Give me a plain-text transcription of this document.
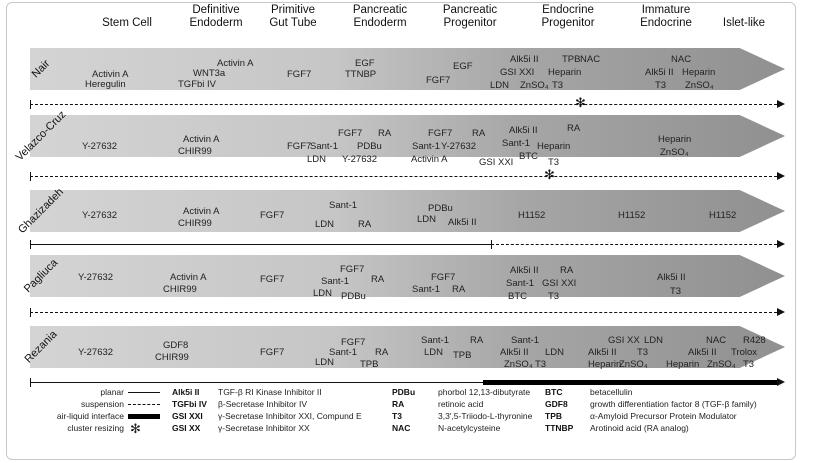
Stem Cell
Definitive
Endoderm
Primitive
Gut Tube
Pancreatic
Endoderm
Pancreatic
Progenitor
Endocrine
Progenitor
Immature
Endocrine	Islet-like
Activin A
Heregulin
Activin A
WNT3a
TGFbi IV
FGF7
EGF
TTNBP
EGF
FGF7
Alk5i II TPB NAC
GSI XXI Heparin
LDN ZnSO₄ T3
NAC
Alk5i II Heparin
T3 ZnSO₄
Nair
Y-27632
Activin A
CHIR99	FGF7
FGF7 RA
Sant-1 PDBu
LDN Y-27632
FGF7 RA
Sant-1 Y-27632
Activin A
Alk5i II	RA
Sant-1 Heparin
BTC
GSI XXI	T3
Heparin
ZnSO₄
Velazco-Cruz
Y-27632	Activin A
CHIR99
FGF7
Sant-1
LDN	RA
PDBu
LDN Alk5i II
H1152	H1152	H1152
Ghazizadeh
Y-27632	Activin A
CHIR99
FGF7
FGF7
Sant-1 RA
LDN PDBu
FGF7
Sant-1 RA
Alk5i II RA
Sant-1 GSI XXI
BTC T3
Alk5i II
T3
Pagliuca
Y-27632
GDF8
CHIR99	FGF7
FGF7
Sant-1 RA
LDN	TPB
Sant-1 RA
LDN TPB
Sant-1
Alk5i II LDN
ZnSO₄ T3
GSI XX LDN
Alk5i II T3
Heparin
ZnSO₄
NAC R428
Alk5i II Trolox
Heparin ZnSO₄ T3
Rezania
✻
✻
planar
suspension
air-liquid interface
cluster resizing ✻
Alk5i II TGF-β RI Kinase Inhibitor II
TGFbi IV β-Secretase Inhibitor IV
GSI XXI γ-Secretase Inhibitor XXI, Compund E
GSI XX γ-Secretase Inhibitor XX
PDBu	phorbol 12,13-dibutyrate
RA	retinoic acid
T3	3,3',5-Triiodo-L-thyronine
NAC	N-acetylcysteine
BTC	betacellulin
GDF8	growth differentiation factor 8 (TGF-β family)
TPB	α-Amyloid Precursor Protein Modulator
TTNBP Arotinoid acid (RA analog)
